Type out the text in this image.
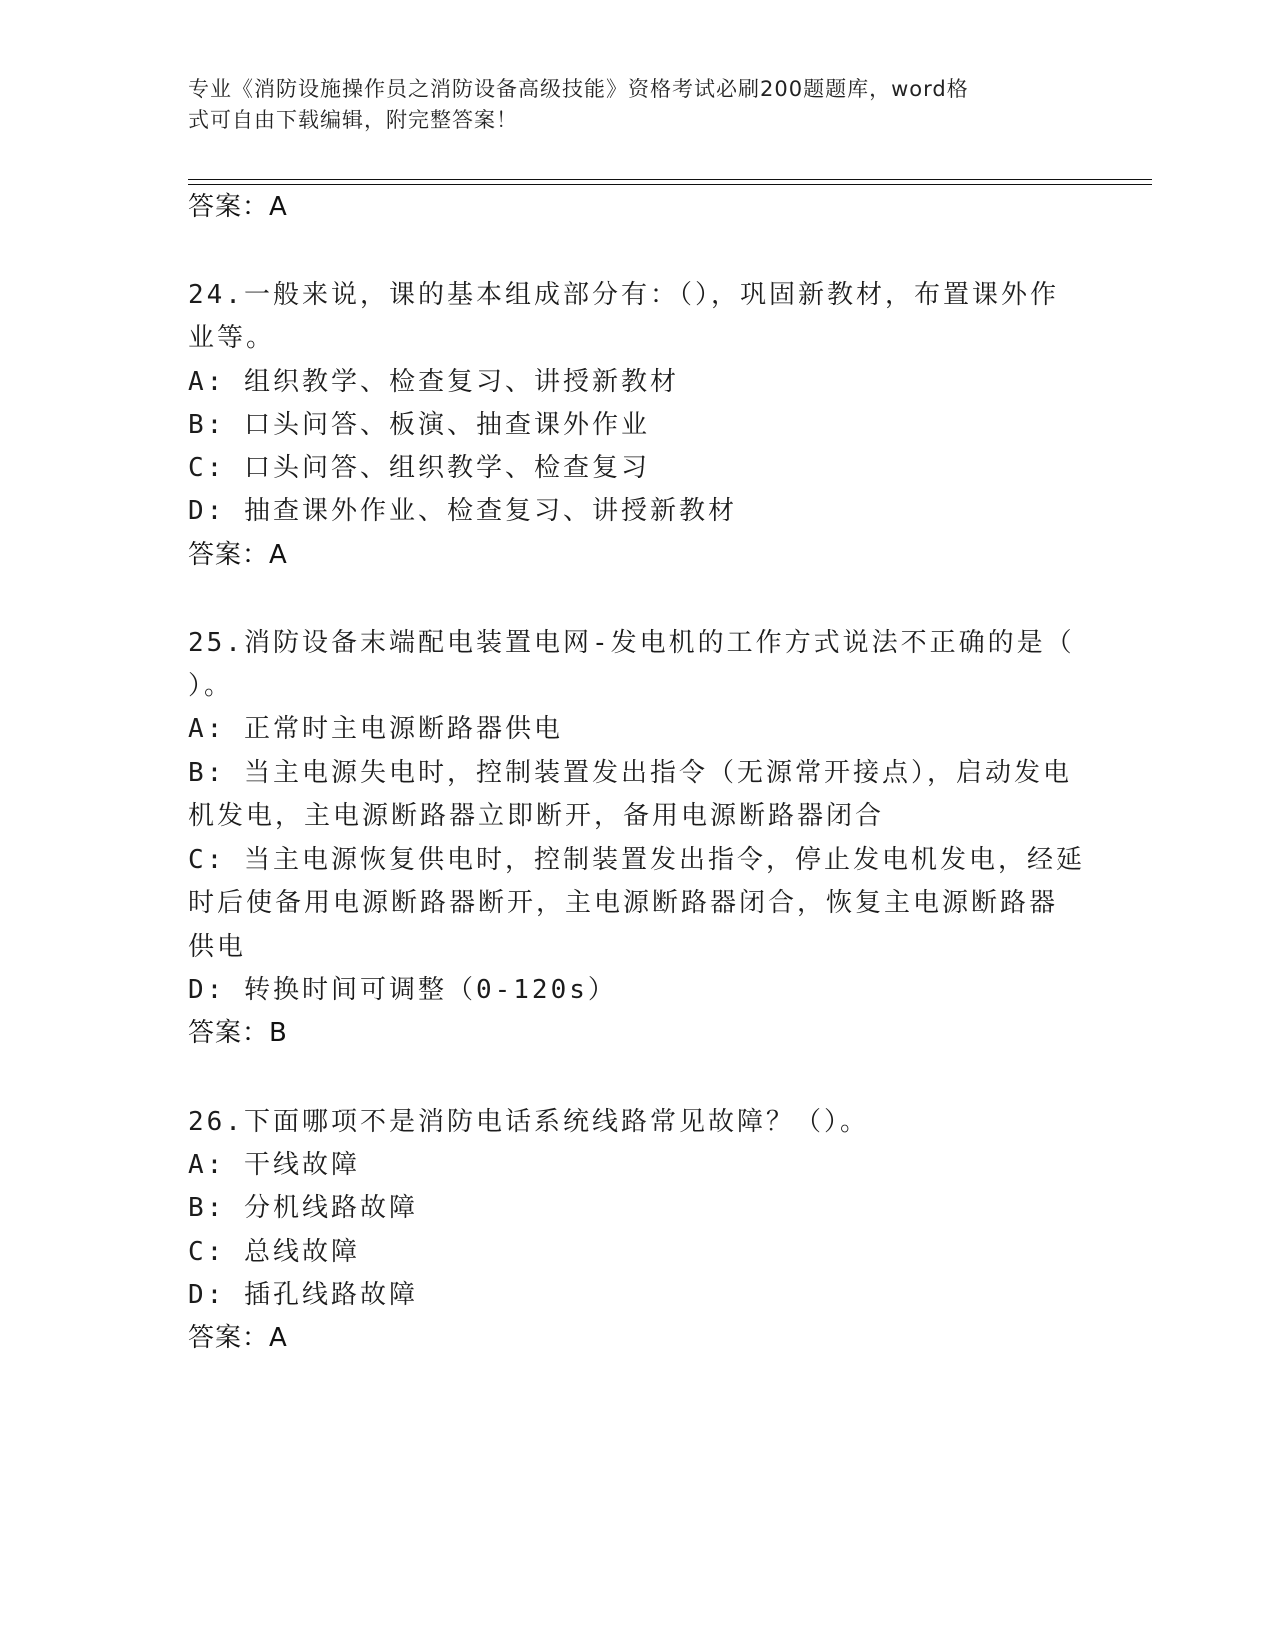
专业《消防设施操作员之消防设备高级技能》资格考试必刷200题题库，word格
式可自由下载编辑，附完整答案！
答案：A
24.一般来说，课的基本组成部分有：（），巩固新教材，布置课外作
业等。
A: 组织教学、检查复习、讲授新教材
B: 口头问答、板演、抽查课外作业
C: 口头问答、组织教学、检查复习
D: 抽查课外作业、检查复习、讲授新教材
答案：A
25.消防设备末端配电装置电网-发电机的工作方式说法不正确的是（
）。
A: 正常时主电源断路器供电
B: 当主电源失电时，控制装置发出指令（无源常开接点），启动发电
机发电，主电源断路器立即断开，备用电源断路器闭合
C: 当主电源恢复供电时，控制装置发出指令，停止发电机发电，经延
时后使备用电源断路器断开，主电源断路器闭合，恢复主电源断路器
供电
D: 转换时间可调整（0-120s）
答案：B
26.下面哪项不是消防电话系统线路常见故障？（）。
A: 干线故障
B: 分机线路故障
C: 总线故障
D: 插孔线路故障
答案：A
